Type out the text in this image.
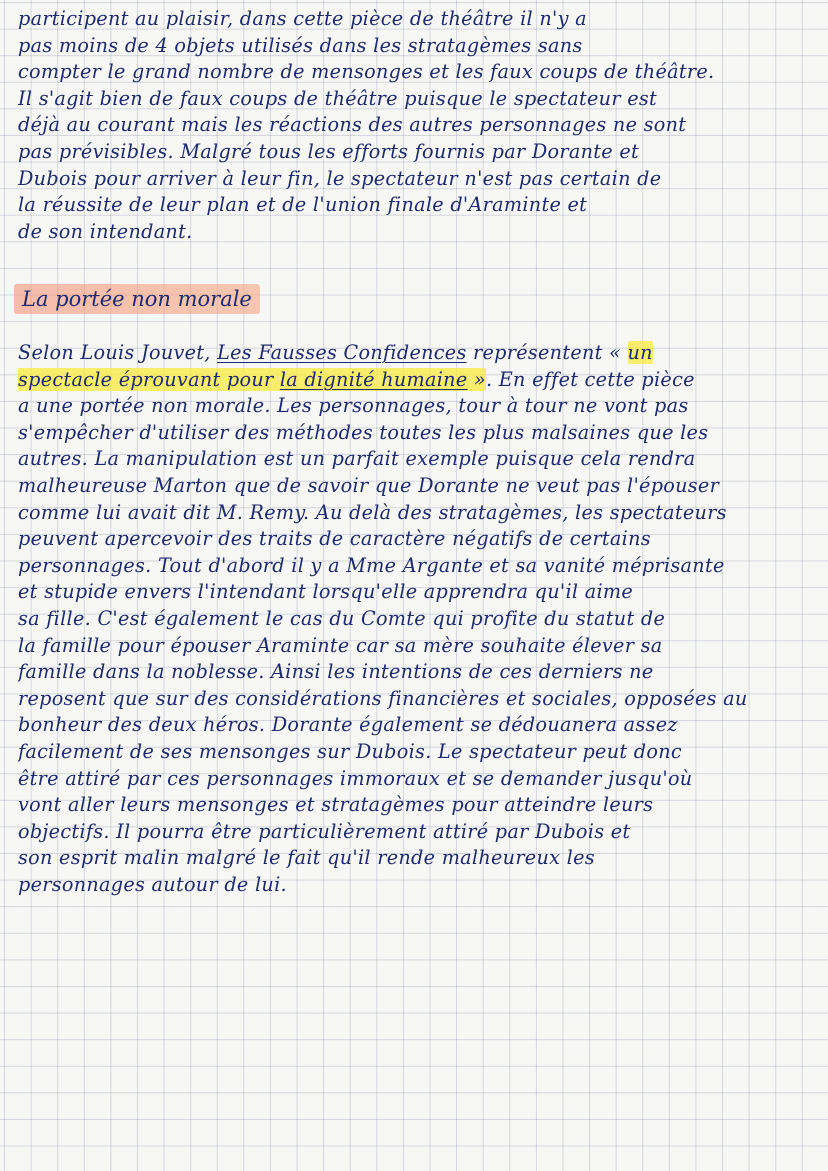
participent au plaisir, dans cette pièce de théâtre il n'y a
pas moins de 4 objets utilisés dans les stratagèmes sans
compter le grand nombre de mensonges et les faux coups de théâtre.
Il s'agit bien de faux coups de théâtre puisque le spectateur est
déjà au courant mais les réactions des autres personnages ne sont
pas prévisibles. Malgré tous les efforts fournis par Dorante et
Dubois pour arriver à leur fin, le spectateur n'est pas certain de
la réussite de leur plan et de l'union finale d'Araminte et
de son intendant.

La portée non morale

Selon Louis Jouvet, Les Fausses Confidences représentent « un
spectacle éprouvant pour la dignité humaine ». En effet cette pièce
a une portée non morale. Les personnages, tour à tour ne vont pas
s'empêcher d'utiliser des méthodes toutes les plus malsaines que les
autres. La manipulation est un parfait exemple puisque cela rendra
malheureuse Marton que de savoir que Dorante ne veut pas l'épouser
comme lui avait dit M. Remy. Au delà des stratagèmes, les spectateurs
peuvent apercevoir des traits de caractère négatifs de certains
personnages. Tout d'abord il y a Mme Argante et sa vanité méprisante
et stupide envers l'intendant lorsqu'elle apprendra qu'il aime
sa fille. C'est également le cas du Comte qui profite du statut de
la famille pour épouser Araminte car sa mère souhaite élever sa
famille dans la noblesse. Ainsi les intentions de ces derniers ne
reposent que sur des considérations financières et sociales, opposées au
bonheur des deux héros. Dorante également se dédouanera assez
facilement de ses mensonges sur Dubois. Le spectateur peut donc
être attiré par ces personnages immoraux et se demander jusqu'où
vont aller leurs mensonges et stratagèmes pour atteindre leurs
objectifs. Il pourra être particulièrement attiré par Dubois et
son esprit malin malgré le fait qu'il rende malheureux les
personnages autour de lui.
